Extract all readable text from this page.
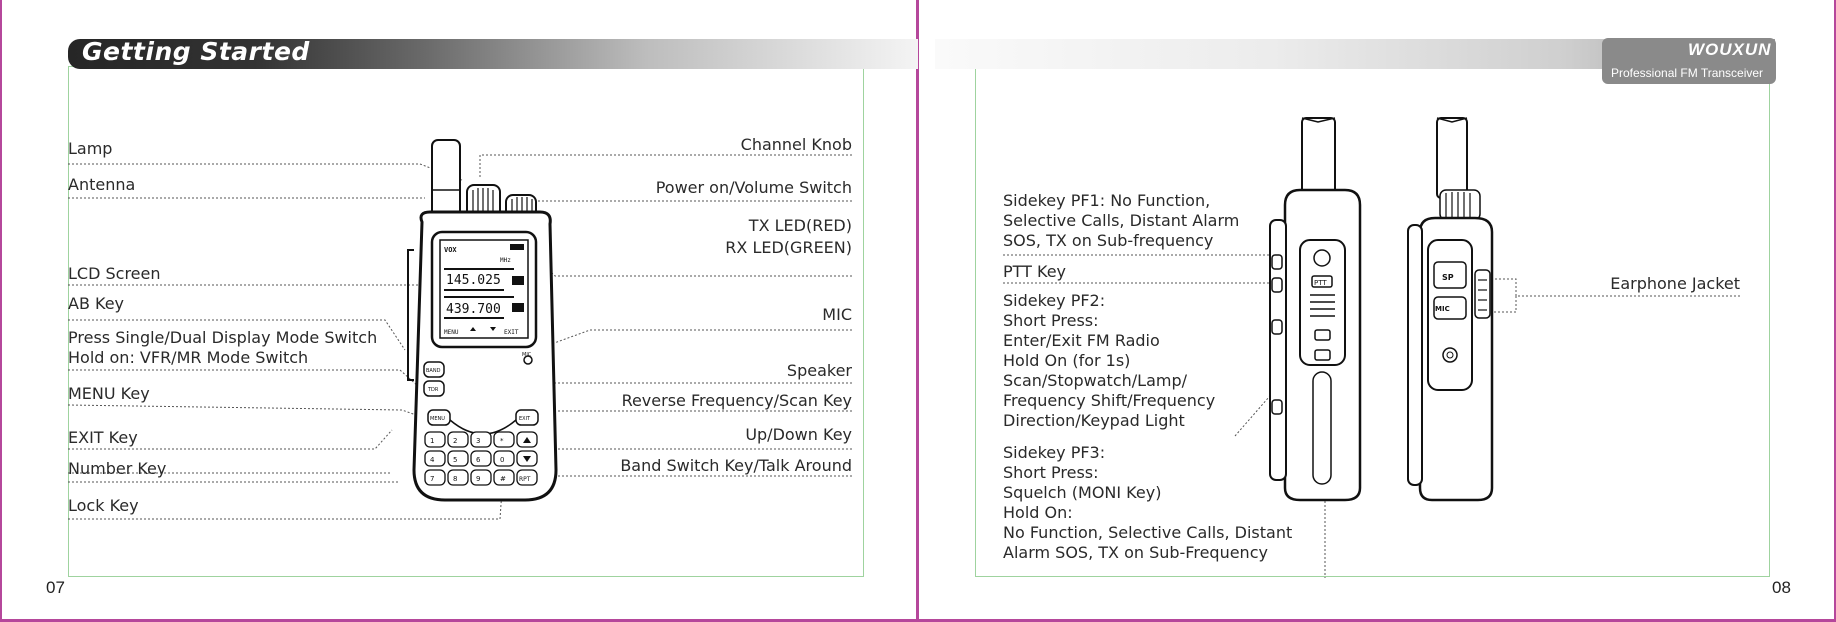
Getting Started	WOUXUN
Professional FM Transceiver
VOX
MHz
145.025
439.700
MENU	EXIT
1	2	3	*
4	5	6	0
7	8	9	# RPT
BAND
TDR
MENU	EXIT
MIC
PTT
SP
MIC
Lamp
Antenna
LCD Screen
AB Key
Press Single/Dual Display Mode Switch
Hold on: VFR/MR Mode Switch
MENU Key
EXIT Key
Number Key
Lock Key
Channel Knob
Power on/Volume Switch
TX LED(RED)
RX LED(GREEN)
MIC
Speaker
Reverse Frequency/Scan Key
Up/Down Key
Band Switch Key/Talk Around
Sidekey PF1: No Function,
Selective Calls, Distant Alarm
SOS, TX on Sub-frequency
PTT Key
Sidekey PF2:
Short Press:
Enter/Exit FM Radio
Hold On (for 1s)
Scan/Stopwatch/Lamp/
Frequency Shift/Frequency
Direction/Keypad Light
Sidekey PF3:
Short Press:
Squelch (MONI Key)
Hold On:
No Function, Selective Calls, Distant
Alarm SOS, TX on Sub-Frequency
Earphone Jacket
07	08
